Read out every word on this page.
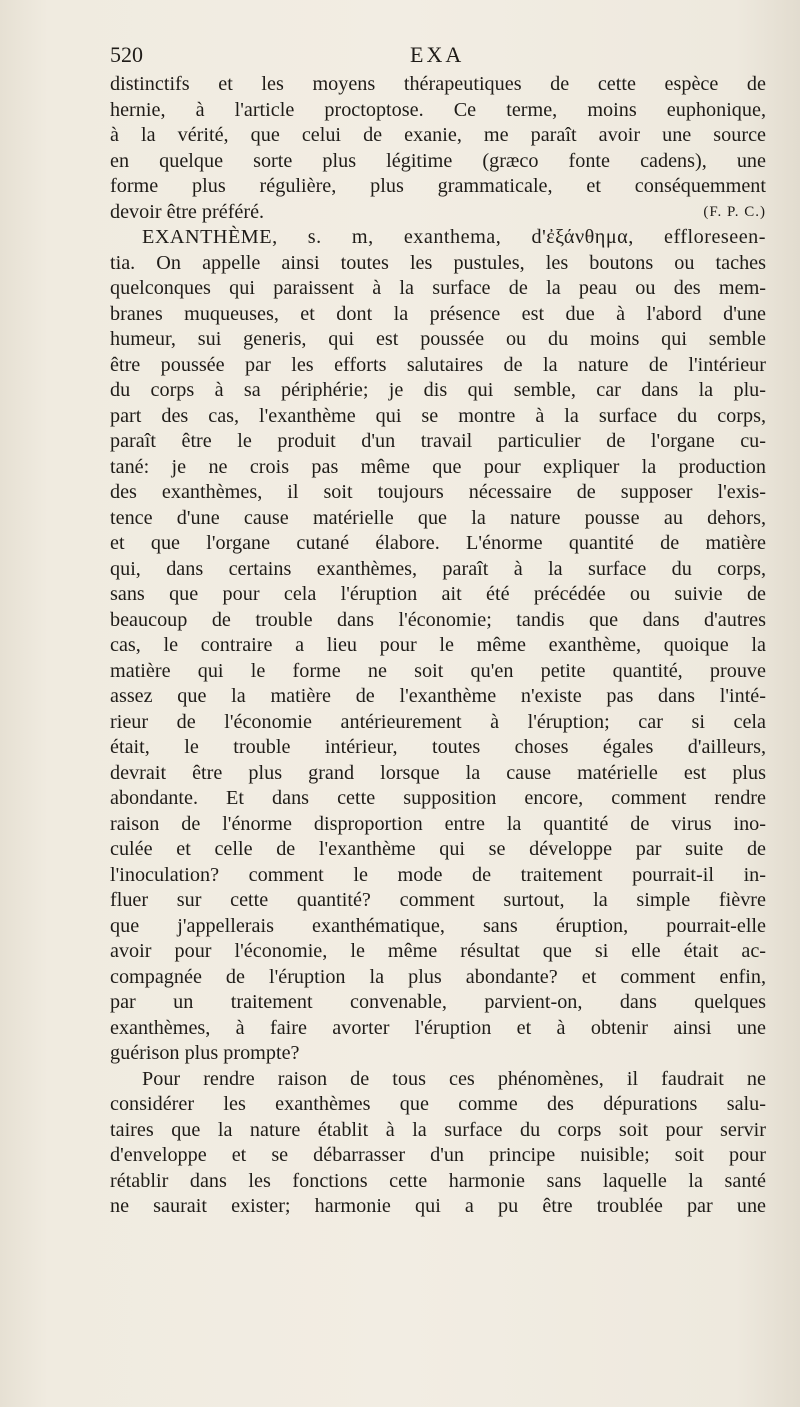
520	EXA
distinctifs et les moyens thérapeutiques de cette espèce de
hernie, à l'article proctoptose. Ce terme, moins euphonique,
à la vérité, que celui de exanie, me paraît avoir une source
en quelque sorte plus légitime (græco fonte cadens), une
forme plus régulière, plus grammaticale, et conséquemment
devoir être préféré.	(F. P. C.)
EXANTHÈME, s. m, exanthema, d'ἐξάνθημα, effloreseen-
tia. On appelle ainsi toutes les pustules, les boutons ou taches
quelconques qui paraissent à la surface de la peau ou des mem-
branes muqueuses, et dont la présence est due à l'abord d'une
humeur, sui generis, qui est poussée ou du moins qui semble
être poussée par les efforts salutaires de la nature de l'intérieur
du corps à sa périphérie; je dis qui semble, car dans la plu-
part des cas, l'exanthème qui se montre à la surface du corps,
paraît être le produit d'un travail particulier de l'organe cu-
tané: je ne crois pas même que pour expliquer la production
des exanthèmes, il soit toujours nécessaire de supposer l'exis-
tence d'une cause matérielle que la nature pousse au dehors,
et que l'organe cutané élabore. L'énorme quantité de matière
qui, dans certains exanthèmes, paraît à la surface du corps,
sans que pour cela l'éruption ait été précédée ou suivie de
beaucoup de trouble dans l'économie; tandis que dans d'autres
cas, le contraire a lieu pour le même exanthème, quoique la
matière qui le forme ne soit qu'en petite quantité, prouve
assez que la matière de l'exanthème n'existe pas dans l'inté-
rieur de l'économie antérieurement à l'éruption; car si cela
était, le trouble intérieur, toutes choses égales d'ailleurs,
devrait être plus grand lorsque la cause matérielle est plus
abondante. Et dans cette supposition encore, comment rendre
raison de l'énorme disproportion entre la quantité de virus ino-
culée et celle de l'exanthème qui se développe par suite de
l'inoculation? comment le mode de traitement pourrait-il in-
fluer sur cette quantité? comment surtout, la simple fièvre
que j'appellerais exanthématique, sans éruption, pourrait-elle
avoir pour l'économie, le même résultat que si elle était ac-
compagnée de l'éruption la plus abondante? et comment enfin,
par un traitement convenable, parvient-on, dans quelques
exanthèmes, à faire avorter l'éruption et à obtenir ainsi une
guérison plus prompte?
Pour rendre raison de tous ces phénomènes, il faudrait ne
considérer les exanthèmes que comme des dépurations salu-
taires que la nature établit à la surface du corps soit pour servir
d'enveloppe et se débarrasser d'un principe nuisible; soit pour
rétablir dans les fonctions cette harmonie sans laquelle la santé
ne saurait exister; harmonie qui a pu être troublée par une
